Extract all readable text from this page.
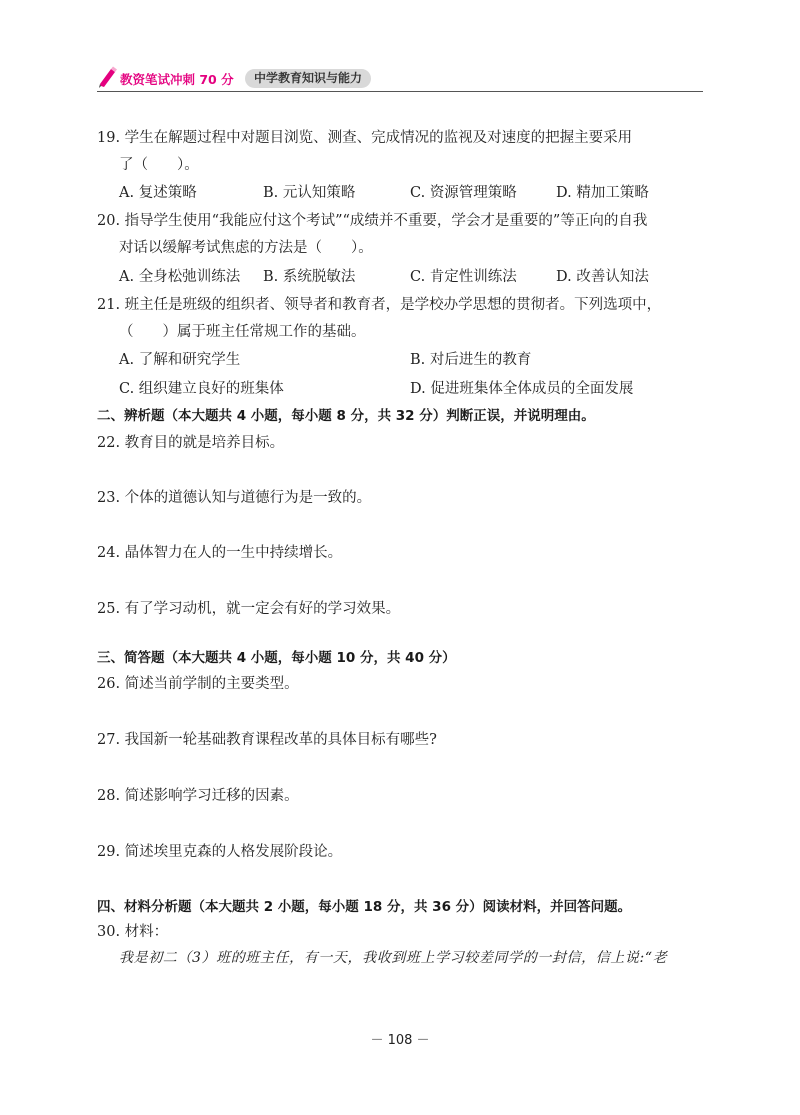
教资笔试冲刺 70 分	中学教育知识与能力
19. 学生在解题过程中对题目浏览、测查、完成情况的监视及对速度的把握主要采用
了（　　）。
A. 复述策略	B. 元认知策略	C. 资源管理策略	D. 精加工策略
20. 指导学生使用“我能应付这个考试”“成绩并不重要，学会才是重要的”等正向的自我
对话以缓解考试焦虑的方法是（　　）。
A. 全身松弛训练法 B. 系统脱敏法	C. 肯定性训练法	D. 改善认知法
21. 班主任是班级的组织者、领导者和教育者，是学校办学思想的贯彻者。下列选项中，
（　　）属于班主任常规工作的基础。
A. 了解和研究学生	B. 对后进生的教育
C. 组织建立良好的班集体	D. 促进班集体全体成员的全面发展
二、辨析题（本大题共 4 小题，每小题 8 分，共 32 分）判断正误，并说明理由。
22. 教育目的就是培养目标。
23. 个体的道德认知与道德行为是一致的。
24. 晶体智力在人的一生中持续增长。
25. 有了学习动机，就一定会有好的学习效果。
三、简答题（本大题共 4 小题，每小题 10 分，共 40 分）
26. 简述当前学制的主要类型。
27. 我国新一轮基础教育课程改革的具体目标有哪些?
28. 简述影响学习迁移的因素。
29. 简述埃里克森的人格发展阶段论。
四、材料分析题（本大题共 2 小题，每小题 18 分，共 36 分）阅读材料，并回答问题。
30. 材料：
我是初二（3）班的班主任，有一天，我收到班上学习较差同学的一封信，信上说:“老
－ 108 －
